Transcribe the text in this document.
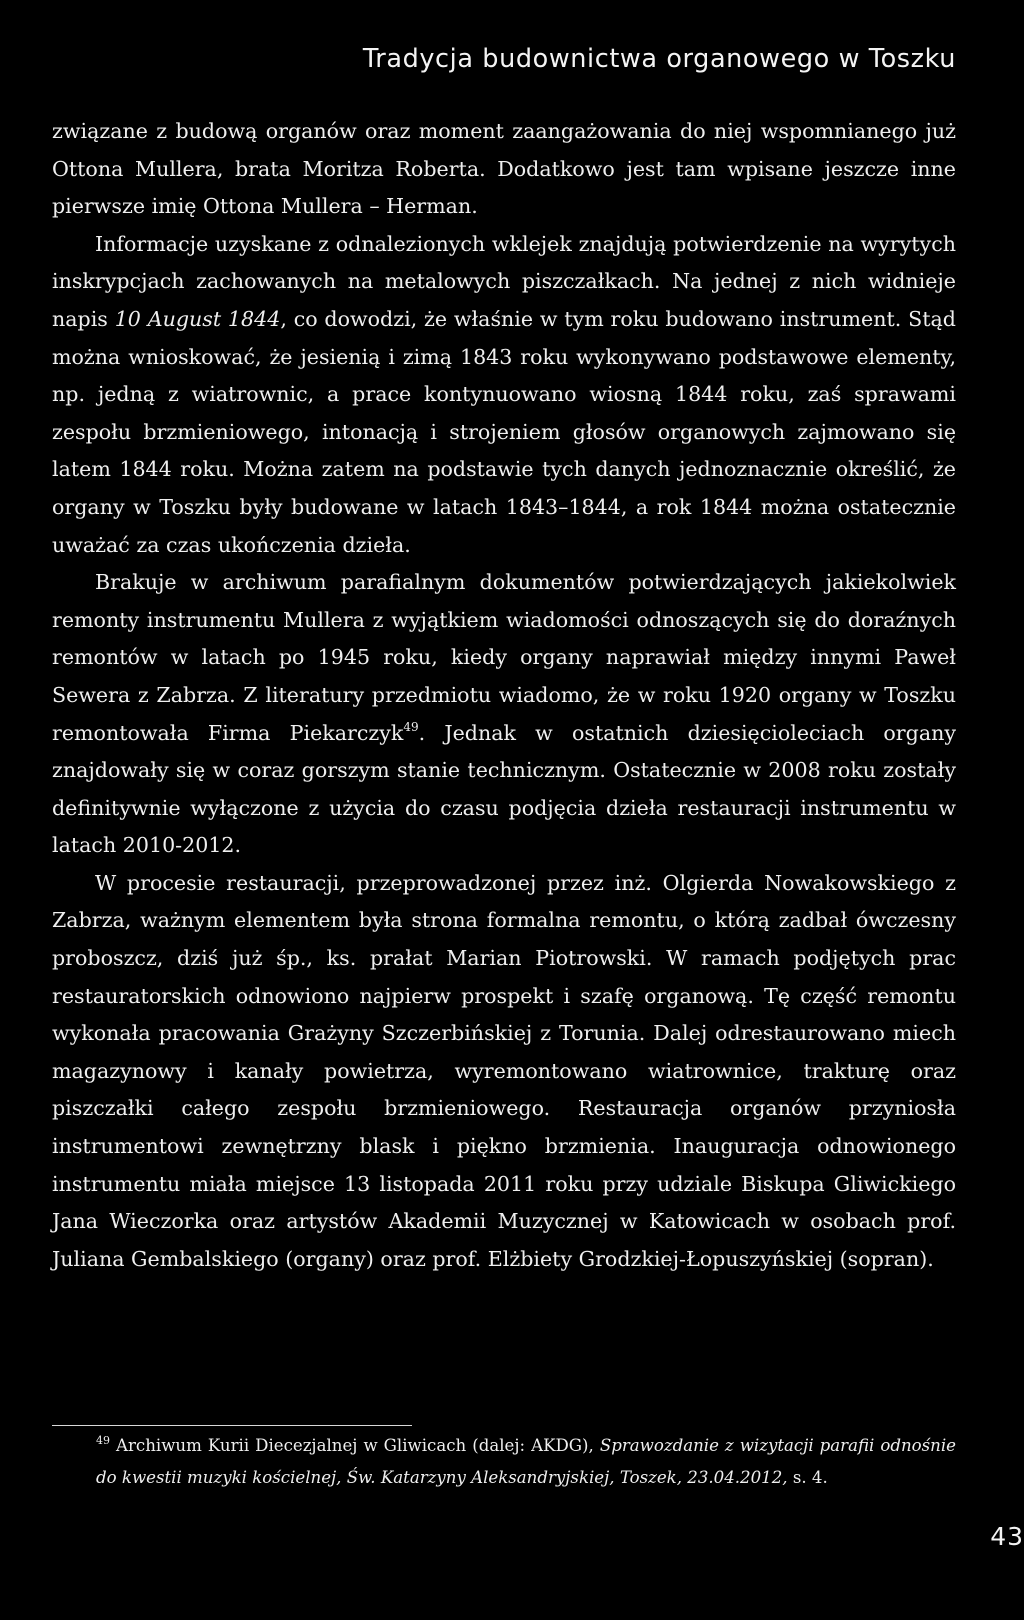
Tradycja budownictwa organowego w Toszku

związane z budową organów oraz moment zaangażowania do niej wspomnianego już Ottona Mullera, brata Moritza Roberta. Dodatkowo jest tam wpisane jeszcze inne pierwsze imię Ottona Mullera – Herman.

Informacje uzyskane z odnalezionych wklejek znajdują potwierdzenie na wyrytych inskrypcjach zachowanych na metalowych piszczałkach. Na jednej z nich widnieje napis 10 August 1844, co dowodzi, że właśnie w tym roku budowano instrument. Stąd można wnioskować, że jesienią i zimą 1843 roku wykonywano podstawowe elementy, np. jedną z wiatrownic, a prace kontynuowano wiosną 1844 roku, zaś sprawami zespołu brzmieniowego, intonacją i strojeniem głosów organowych zajmowano się latem 1844 roku. Można zatem na podstawie tych danych jednoznacznie określić, że organy w Toszku były budowane w latach 1843–1844, a rok 1844 można ostatecznie uważać za czas ukończenia dzieła.

Brakuje w archiwum parafialnym dokumentów potwierdzających jakiekolwiek remonty instrumentu Mullera z wyjątkiem wiadomości odnoszących się do doraźnych remontów w latach po 1945 roku, kiedy organy naprawiał między innymi Paweł Sewera z Zabrza. Z literatury przedmiotu wiadomo, że w roku 1920 organy w Toszku remontowała Firma Piekarczyk$^{49}$. Jednak w ostatnich dziesięcioleciach organy znajdowały się w coraz gorszym stanie technicznym. Ostatecznie w 2008 roku zostały definitywnie wyłączone z użycia do czasu podjęcia dzieła restauracji instrumentu w latach 2010-2012.

W procesie restauracji, przeprowadzonej przez inż. Olgierda Nowakowskiego z Zabrza, ważnym elementem była strona formalna remontu, o którą zadbał ówczesny proboszcz, dziś już śp., ks. prałat Marian Piotrowski. W ramach podjętych prac restauratorskich odnowiono najpierw prospekt i szafę organową. Tę część remontu wykonała pracowania Grażyny Szczerbińskiej z Torunia. Dalej odrestaurowano miech magazynowy i kanały powietrza, wyremontowano wiatrownice, trakturę oraz piszczałki całego zespołu brzmieniowego. Restauracja organów przyniosła instrumentowi zewnętrzny blask i piękno brzmienia. Inauguracja odnowionego instrumentu miała miejsce 13 listopada 2011 roku przy udziale Biskupa Gliwickiego Jana Wieczorka oraz artystów Akademii Muzycznej w Katowicach w osobach prof. Juliana Gembalskiego (organy) oraz prof. Elżbiety Grodzkiej-Łopuszyńskiej (sopran).

$^{49}$ Archiwum Kurii Diecezjalnej w Gliwicach (dalej: AKDG), Sprawozdanie z wizytacji parafii odnośnie do kwestii muzyki kościelnej, Św. Katarzyny Aleksandryjskiej, Toszek, 23.04.2012, s. 4.

43
